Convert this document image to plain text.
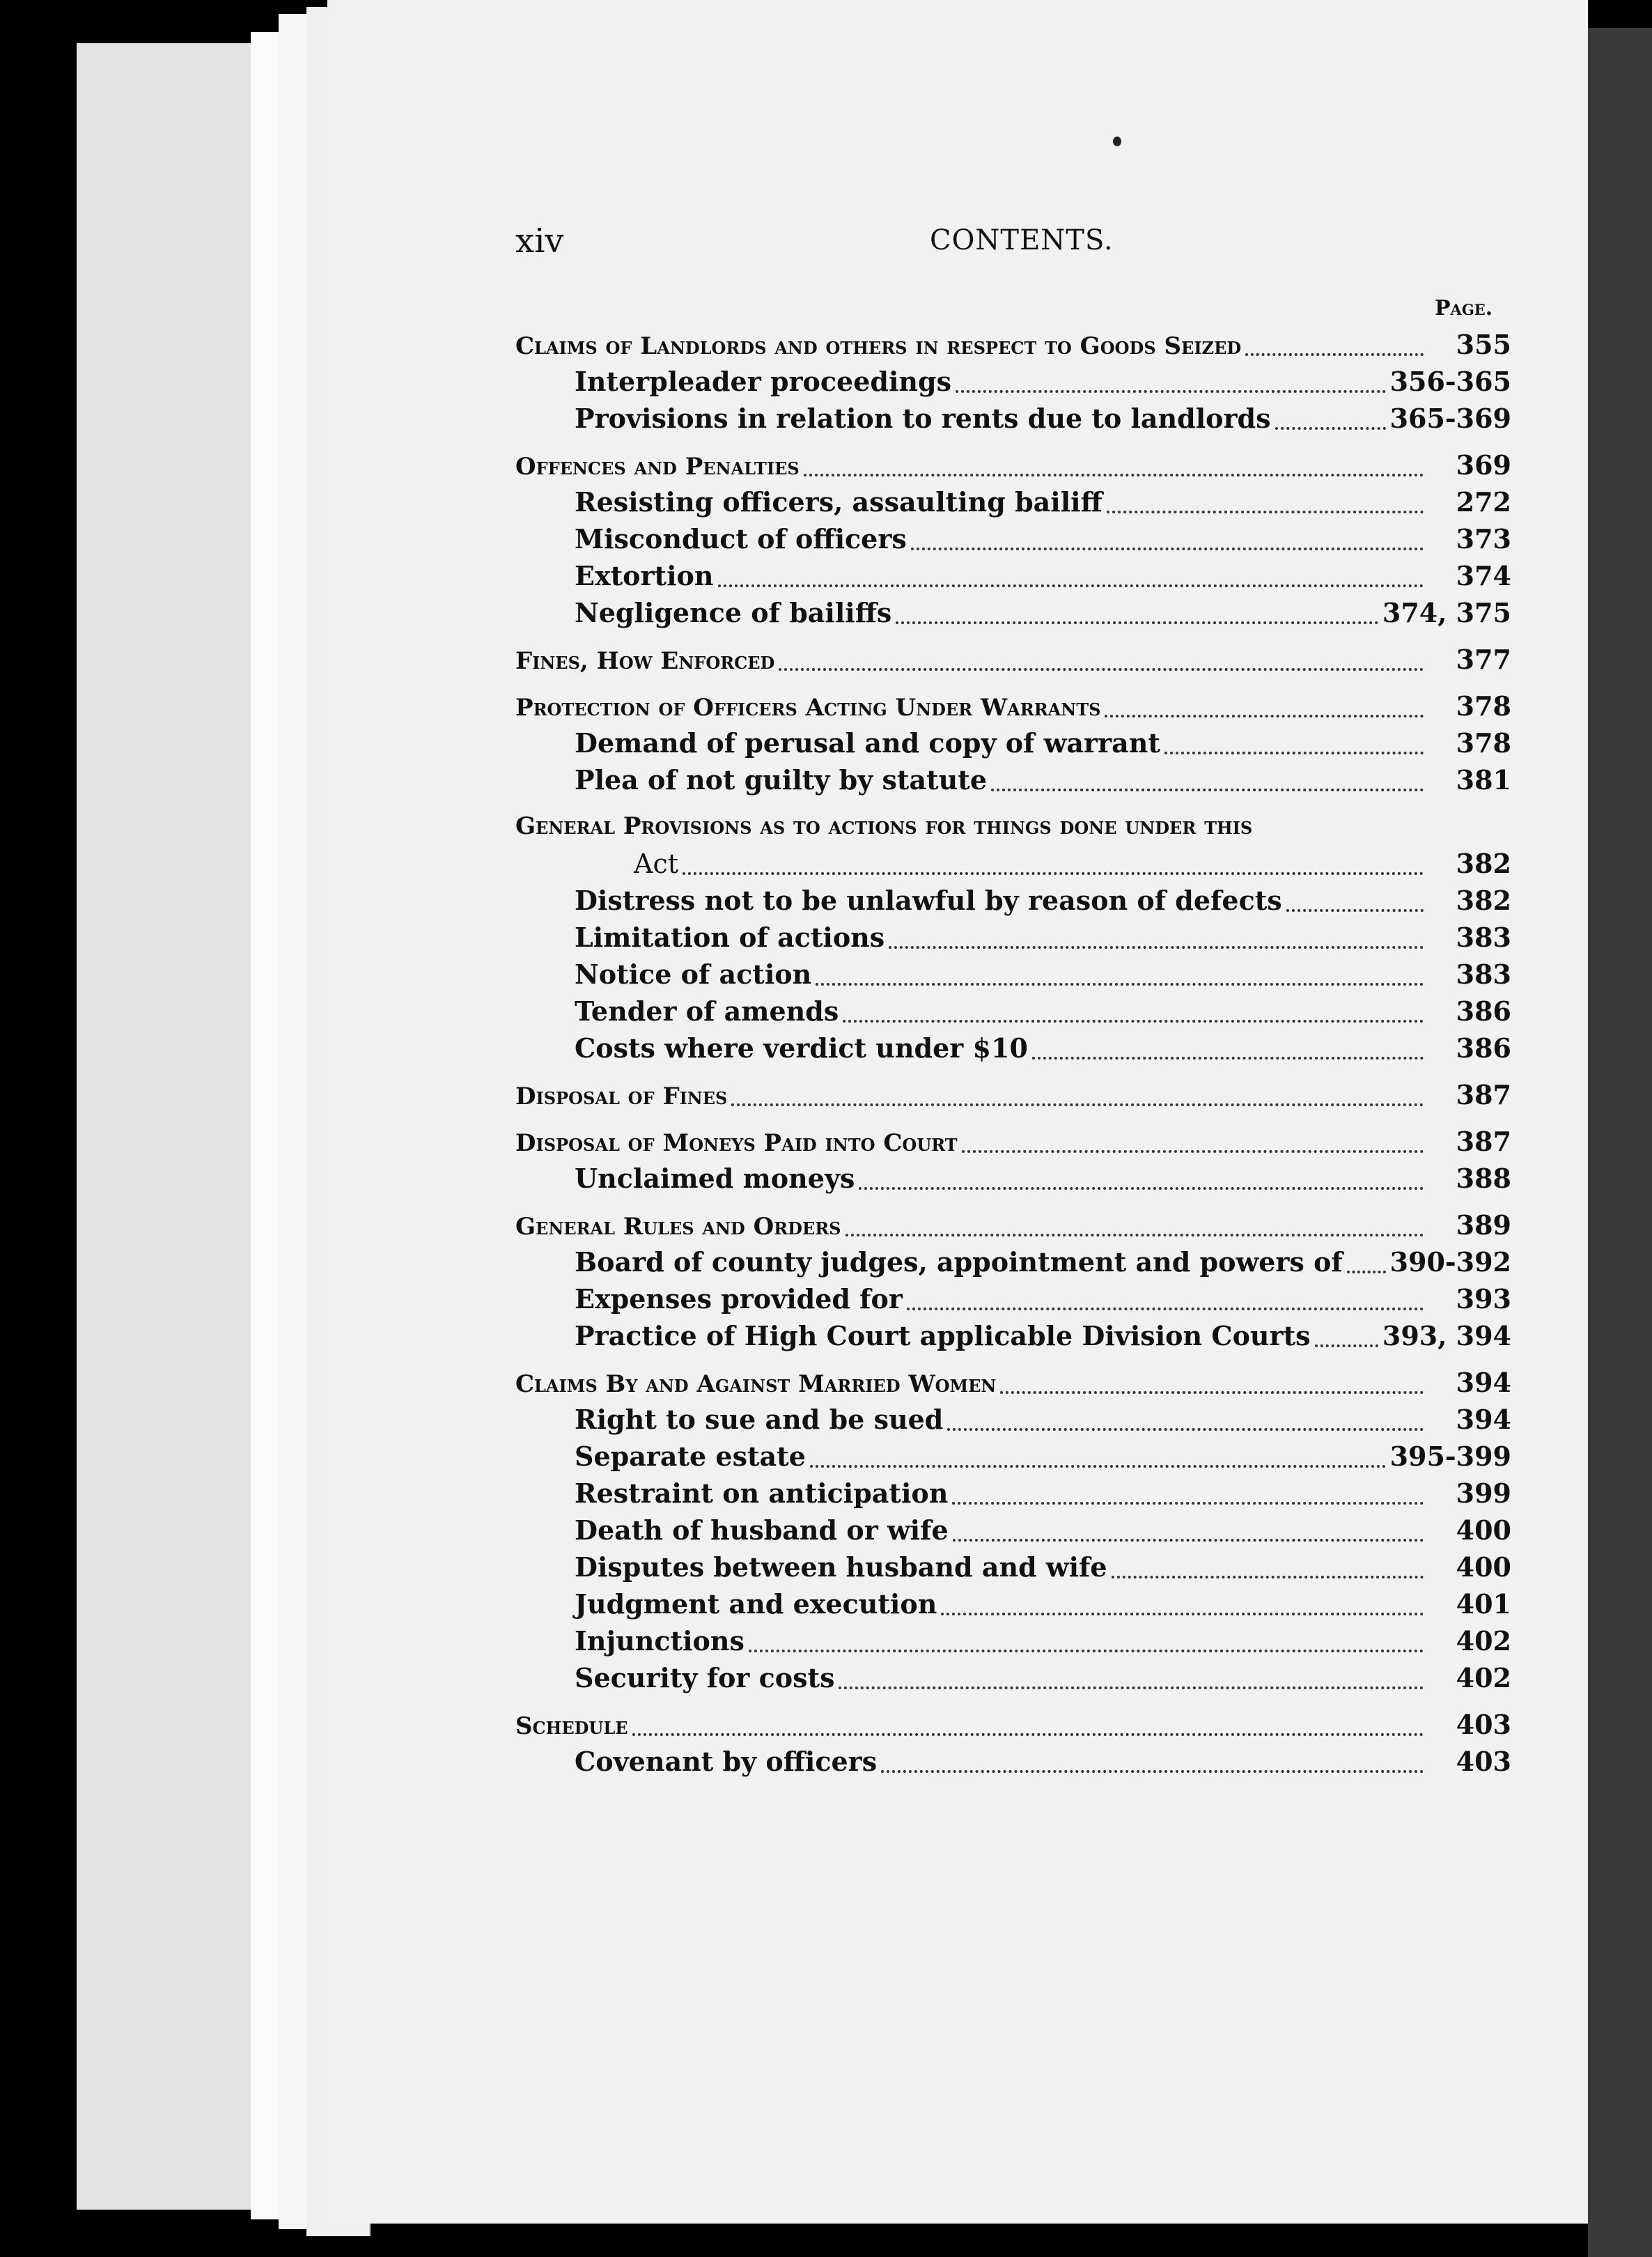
xiv	CONTENTS.
Page.
Claims of Landlords and others in respect to Goods Seized	355
Interpleader proceedings	356-365
Provisions in relation to rents due to landlords	365-369
Offences and Penalties	369
Resisting officers, assaulting bailiff	272
Misconduct of officers	373
Extortion	374
Negligence of bailiffs	374, 375
Fines, How Enforced	377
Protection of Officers Acting Under Warrants	378
Demand of perusal and copy of warrant	378
Plea of not guilty by statute	381
General Provisions as to actions for things done under this
Act	382
Distress not to be unlawful by reason of defects	382
Limitation of actions	383
Notice of action	383
Tender of amends	386
Costs where verdict under $10	386
Disposal of Fines	387
Disposal of Moneys Paid into Court	387
Unclaimed moneys	388
General Rules and Orders	389
Board of county judges, appointment and powers of 390-392
Expenses provided for	393
Practice of High Court applicable Division Courts	393, 394
Claims By and Against Married Women	394
Right to sue and be sued	394
Separate estate	395-399
Restraint on anticipation	399
Death of husband or wife	400
Disputes between husband and wife	400
Judgment and execution	401
Injunctions	402
Security for costs	402
Schedule	403
Covenant by officers	403
